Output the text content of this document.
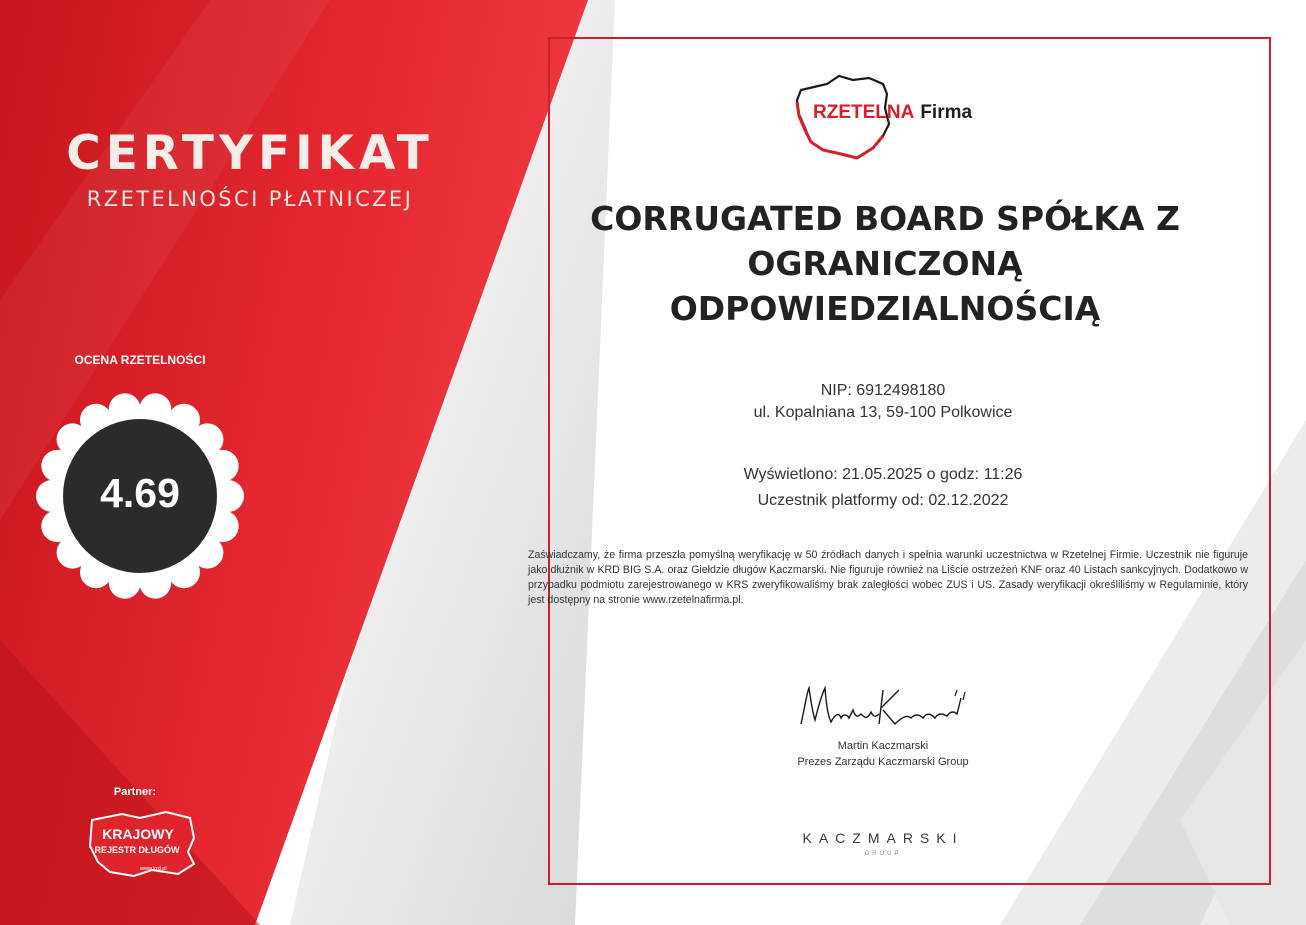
CERTYFIKAT
RZETELNOŚCI PŁATNICZEJ
OCENA RZETELNOŚCI
4.69
Partner:
KRAJOWY
REJESTR DŁUGÓW
www.krd.pl
RZETELNA Firma
CORRUGATED BOARD SPÓŁKA Z OGRANICZONĄ ODPOWIEDZIALNOŚCIĄ
NIP: 6912498180
ul. Kopalniana 13, 59-100 Polkowice
Wyświetlono: 21.05.2025 o godz: 11:26
Uczestnik platformy od: 02.12.2022
Zaświadczamy, że firma przeszła pomyślną weryfikację w 50 źródłach danych i spełnia warunki uczestnictwa w Rzetelnej Firmie. Uczestnik nie figuruje jako dłużnik w KRD BIG S.A. oraz Giełdzie długów Kaczmarski. Nie figuruje również na Liście ostrzeżeń KNF oraz 40 Listach sankcyjnych. Dodatkowo w przypadku podmiotu zarejestrowanego w KRS zweryfikowaliśmy brak zaległości wobec ZUS i US. Zasady weryfikacji określiliśmy w Regulaminie, który jest dostępny na stronie www.rzetelnafirma.pl.
Martin Kaczmarski
Prezes Zarządu Kaczmarski Group
KACZMARSKI
GROUP
